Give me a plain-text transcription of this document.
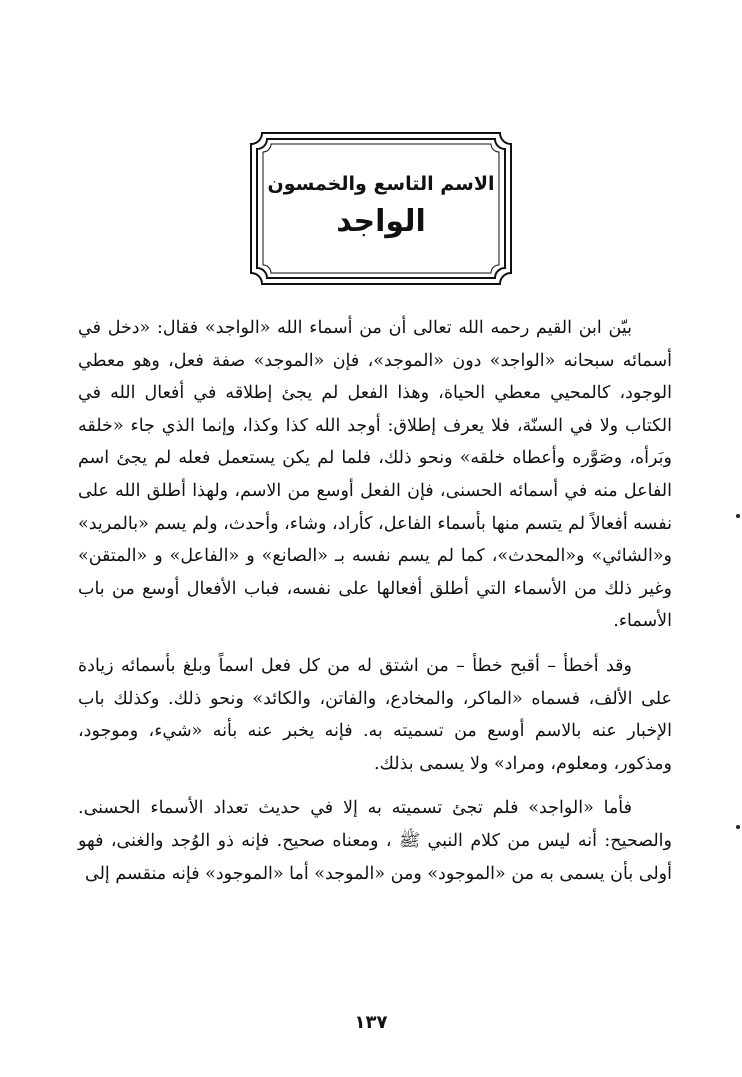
الاسم التاسع والخمسون
الواجد

بيّن ابن القيم رحمه الله تعالى أن من أسماء الله «الواجد» فقال: «دخل في أسمائه سبحانه «الواجد» دون «الموجد»، فإن «الموجد» صفة فعل، وهو معطي الوجود، كالمحيي معطي الحياة، وهذا الفعل لم يجئ إطلاقه في أفعال الله في الكتاب ولا في السنّة، فلا يعرف إطلاق: أوجد الله كذا وكذا، وإنما الذي جاء «خلقه وبَرأه، وصَوَّره وأعطاه خلقه» ونحو ذلك، فلما لم يكن يستعمل فعله لم يجئ اسم الفاعل منه في أسمائه الحسنى، فإن الفعل أوسع من الاسم، ولهذا أطلق الله على نفسه أفعالاً لم يتسم منها بأسماء الفاعل، كأراد، وشاء، وأحدث، ولم يسم «بالمريد» و«الشائي» و«المحدث»، كما لم يسم نفسه بـ «الصانع» و «الفاعل» و «المتقن» وغير ذلك من الأسماء التي أطلق أفعالها على نفسه، فباب الأفعال أوسع من باب الأسماء.

وقد أخطأ – أقبح خطأ – من اشتق له من كل فعل اسماً وبلغ بأسمائه زيادة على الألف، فسماه «الماكر، والمخادع، والفاتن، والكائد» ونحو ذلك. وكذلك باب الإخبار عنه بالاسم أوسع من تسميته به. فإنه يخبر عنه بأنه «شيء، وموجود، ومذكور، ومعلوم، ومراد» ولا يسمى بذلك.

فأما «الواجد» فلم تجئ تسميته به إلا في حديث تعداد الأسماء الحسنى. والصحيح: أنه ليس من كلام النبي ﷺ ، ومعناه صحيح. فإنه ذو الوُجد والغنى، فهو أولى بأن يسمى به من «الموجود» ومن «الموجد» أما «الموجود» فإنه منقسم إلى

١٣٧
